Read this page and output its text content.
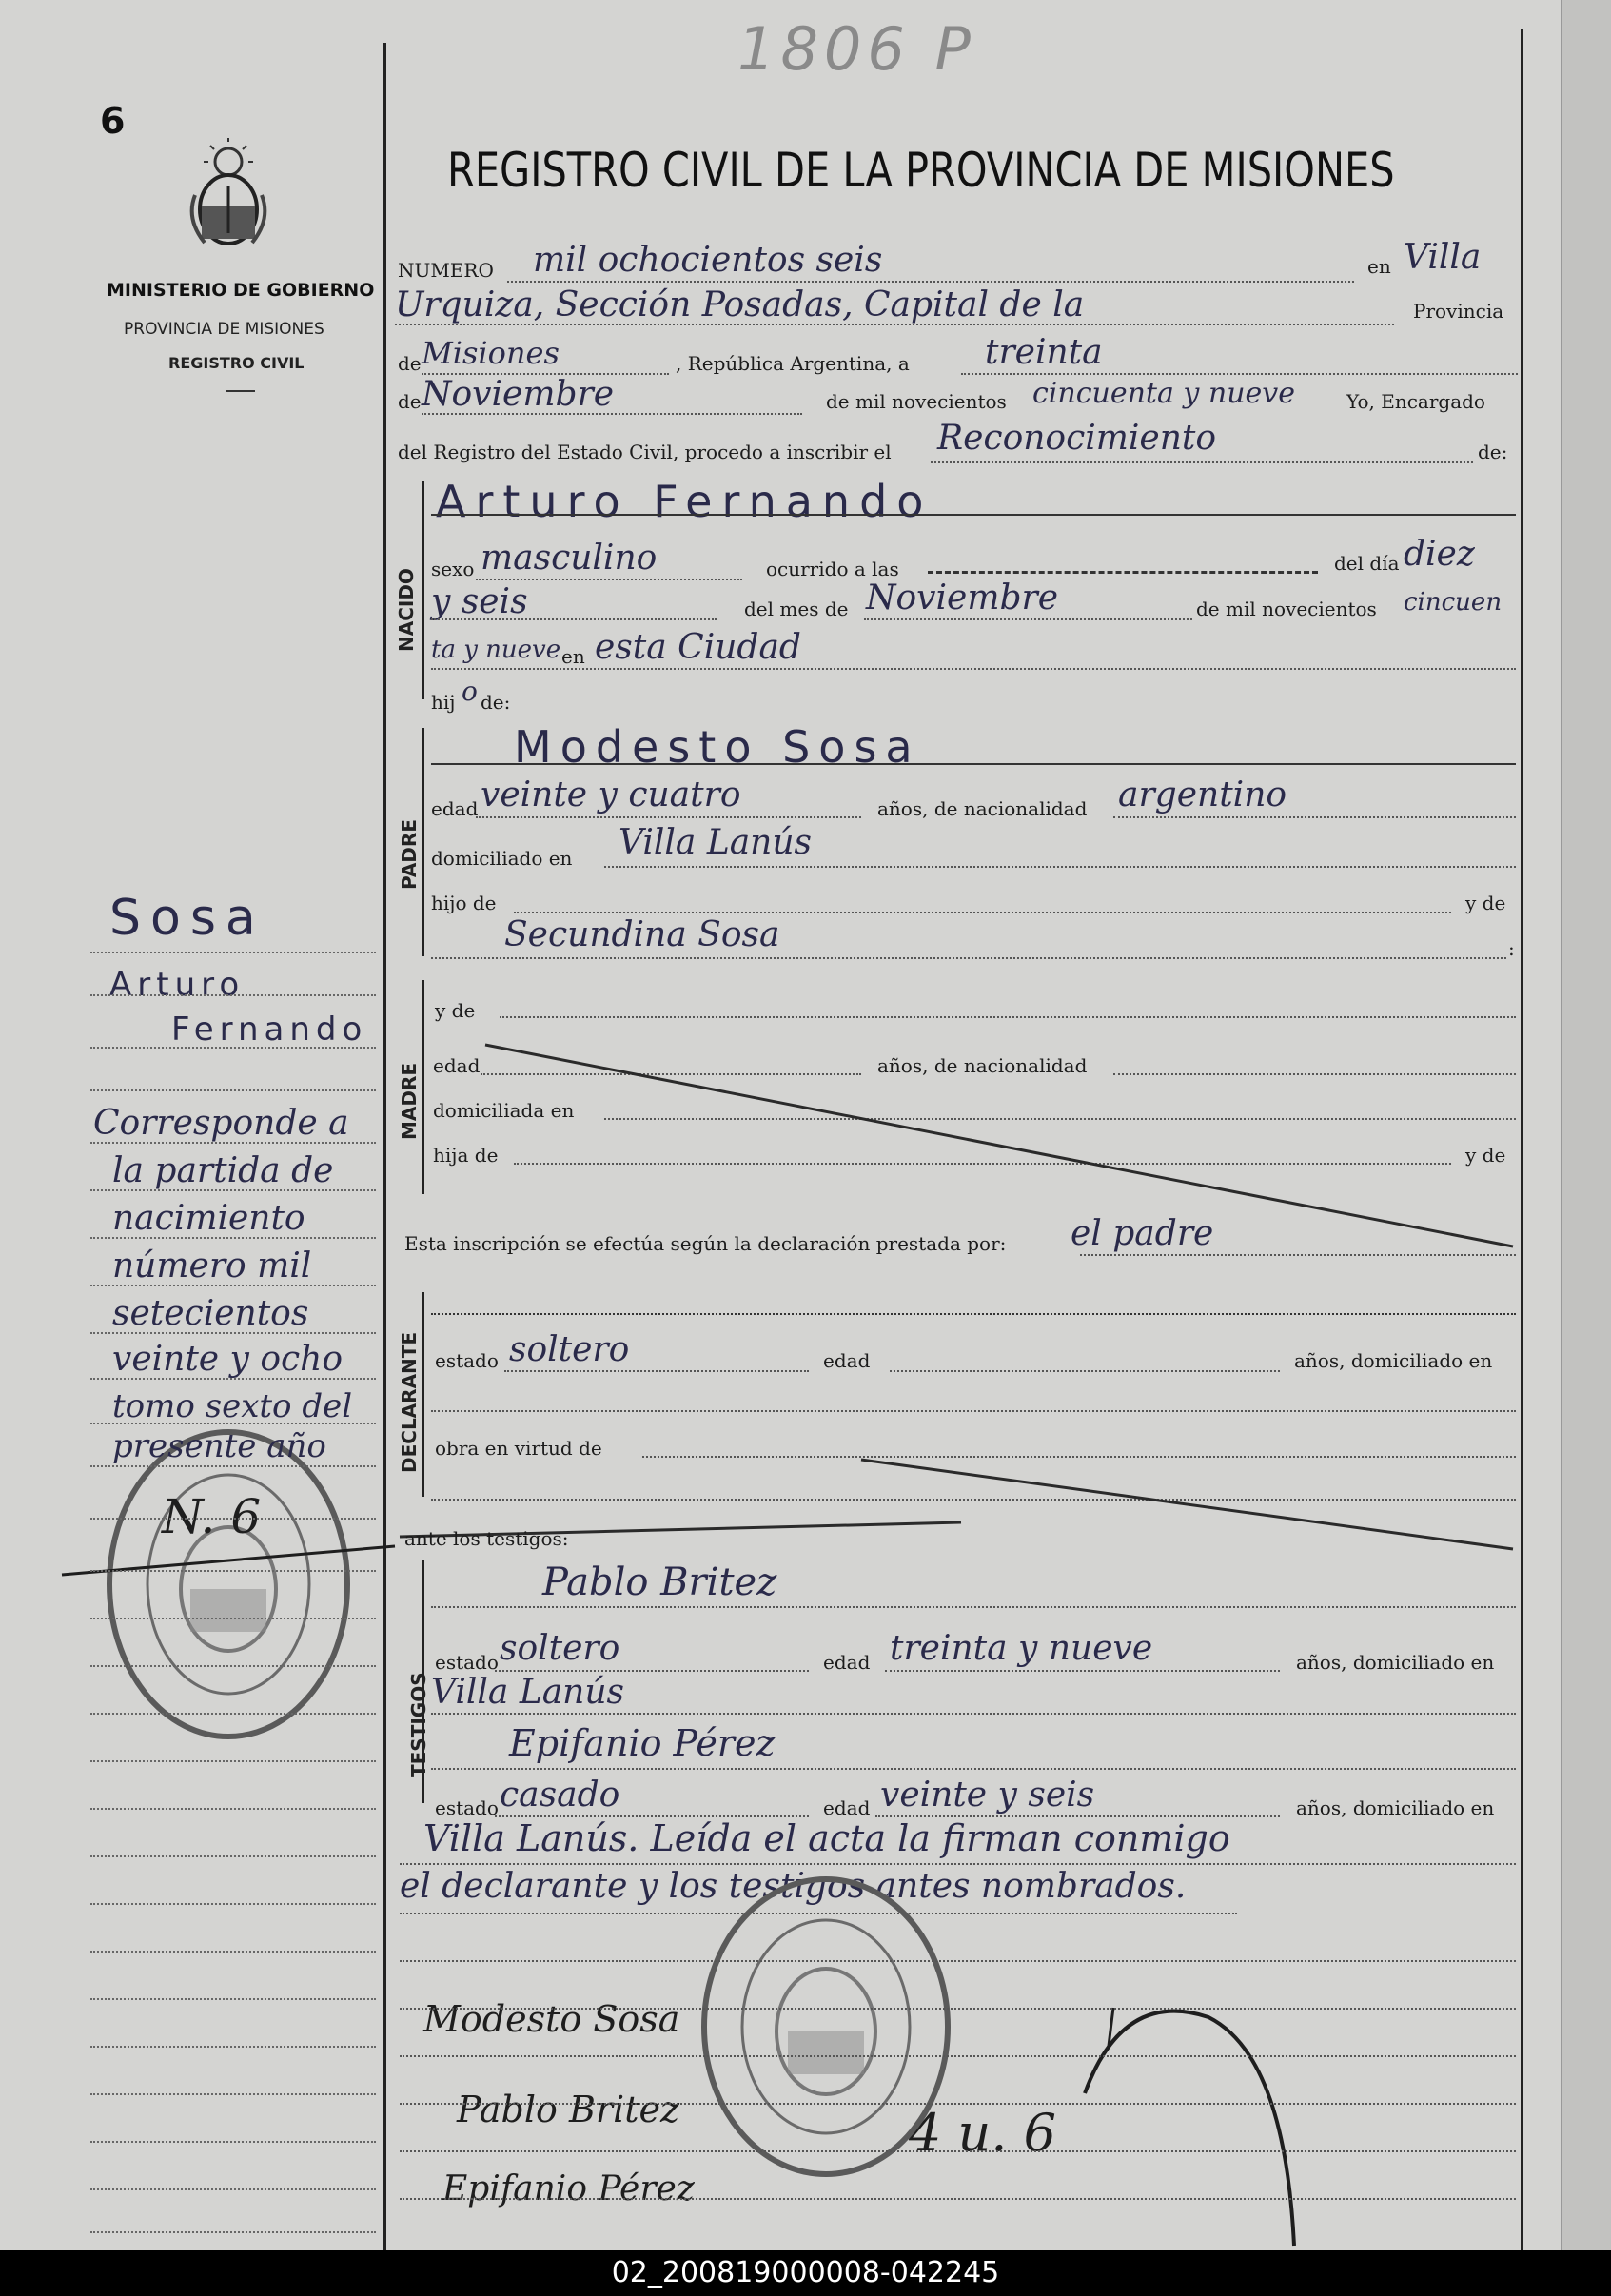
1806 P
6
MINISTERIO DE GOBIERNO
PROVINCIA DE MISIONES
REGISTRO CIVIL
REGISTRO CIVIL DE LA PROVINCIA DE MISIONES
NUMERO mil ochocientos seis	en Villa
Urquiza, Sección Posadas, Capital de la	Provincia
de Misiones	, República Argentina, a treinta
de Noviembre	de mil novecientos cincuenta y nueve	Yo, Encargado
del Registro del Estado Civil, procedo a inscribir el Reconocimiento	de:
NACIDO
Arturo Fernando
sexo masculino	ocurrido a las	del día diez
y seis	del mes de Noviembre	de mil novecientos cincuen
ta y nueve en esta Ciudad
hij o de:
PADRE
Modesto Sosa
edad veinte y cuatro	años, de nacionalidad argentino
domiciliado en Villa Lanús
hijo de	y de
Secundina Sosa	:
MADRE
y de
edad	años, de nacionalidad
domiciliada en
hija de	y de
Esta inscripción se efectúa según la declaración prestada por: el padre
DECLARANTE estado soltero	edad	años, domiciliado en
obra en virtud de
ante los testigos:
TESTIGOS
Pablo Britez
estado soltero	edad treinta y nueve	años, domiciliado en
Villa Lanús
Epifanio Pérez
estado casado	edad veinte y seis	años, domiciliado en
Villa Lanús. Leída el acta la firman conmigo
el declarante y los testigos antes nombrados.
Modesto Sosa
Pablo Britez
Epifanio Pérez
4 u. 6
Sosa
Arturo
Fernando
Corresponde a
la partida de
nacimiento
número mil
setecientos
veinte y ocho
tomo sexto del
presente año
N. 6
02_200819000008-042245
